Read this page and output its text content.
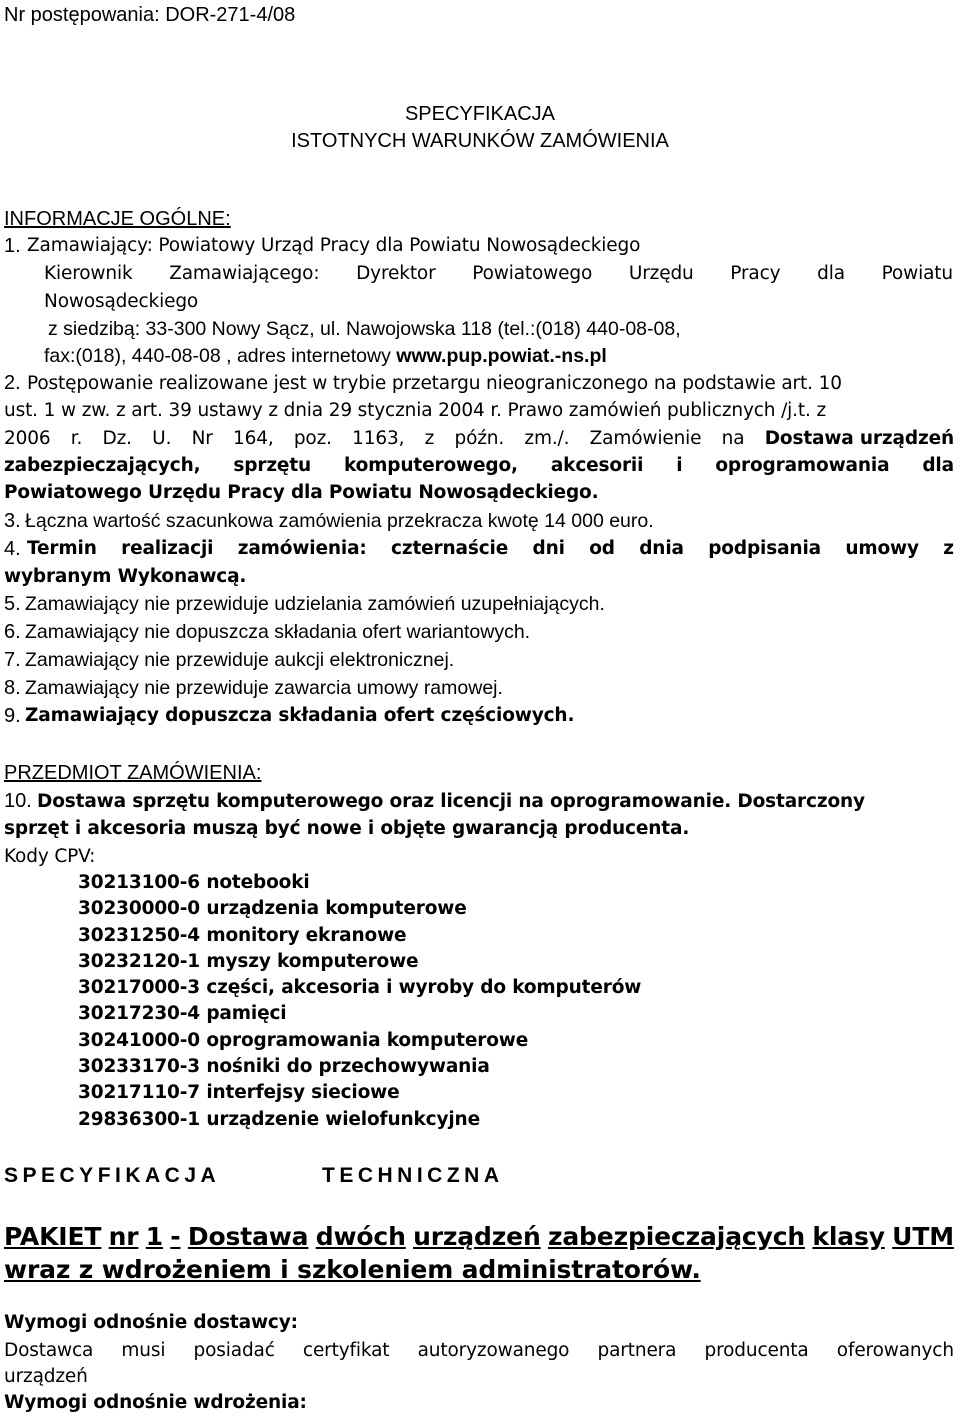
Nr postępowania: DOR-271-4/08
SPECYFIKACJA
ISTOTNYCH WARUNKÓW ZAMÓWIENIA
INFORMACJE OGÓLNE:
1. Zamawiający: Powiatowy Urząd Pracy dla Powiatu Nowosądeckiego
Kierownik Zamawiającego: Dyrektor Powiatowego Urzędu Pracy dla Powiatu
Nowosądeckiego
z siedzibą: 33-300 Nowy Sącz, ul. Nawojowska 118 (tel.:(018) 440-08-08,
fax:(018), 440-08-08 , adres internetowy www.pup.powiat.-ns.pl
2. Postępowanie realizowane jest w trybie przetargu nieograniczonego na podstawie art. 10
ust. 1 w zw. z art. 39 ustawy z dnia 29 stycznia 2004 r. Prawo zamówień publicznych /j.t. z
2006 r. Dz. U. Nr 164, poz. 1163, z późn. zm./. Zamówienie na Dostawa urządzeń
zabezpieczających, sprzętu komputerowego, akcesorii i oprogramowania dla
Powiatowego Urzędu Pracy dla Powiatu Nowosądeckiego.
3. Łączna wartość szacunkowa zamówienia przekracza kwotę 14 000 euro.
4. Termin realizacji zamówienia: czternaście dni od dnia podpisania umowy z
wybranym Wykonawcą.
5. Zamawiający nie przewiduje udzielania zamówień uzupełniających.
6. Zamawiający nie dopuszcza składania ofert wariantowych.
7. Zamawiający nie przewiduje aukcji elektronicznej.
8. Zamawiający nie przewiduje zawarcia umowy ramowej.
9. Zamawiający dopuszcza składania ofert częściowych.
PRZEDMIOT ZAMÓWIENIA:
10. Dostawa sprzętu komputerowego oraz licencji na oprogramowanie. Dostarczony
sprzęt i akcesoria muszą być nowe i objęte gwarancją producenta.
Kody CPV:
30213100-6 notebooki
30230000-0 urządzenia komputerowe
30231250-4 monitory ekranowe
30232120-1 myszy komputerowe
30217000-3 części, akcesoria i wyroby do komputerów
30217230-4 pamięci
30241000-0 oprogramowania komputerowe
30233170-3 nośniki do przechowywania
30217110-7 interfejsy sieciowe
29836300-1 urządzenie wielofunkcyjne
SPECYFIKACJA	TECHNICZNA
PAKIET nr 1 - Dostawa dwóch urządzeń zabezpieczających klasy UTM
wraz z wdrożeniem i szkoleniem administratorów.
Wymogi odnośnie dostawcy:
Dostawca musi posiadać certyfikat autoryzowanego partnera producenta oferowanych
urządzeń
Wymogi odnośnie wdrożenia:
